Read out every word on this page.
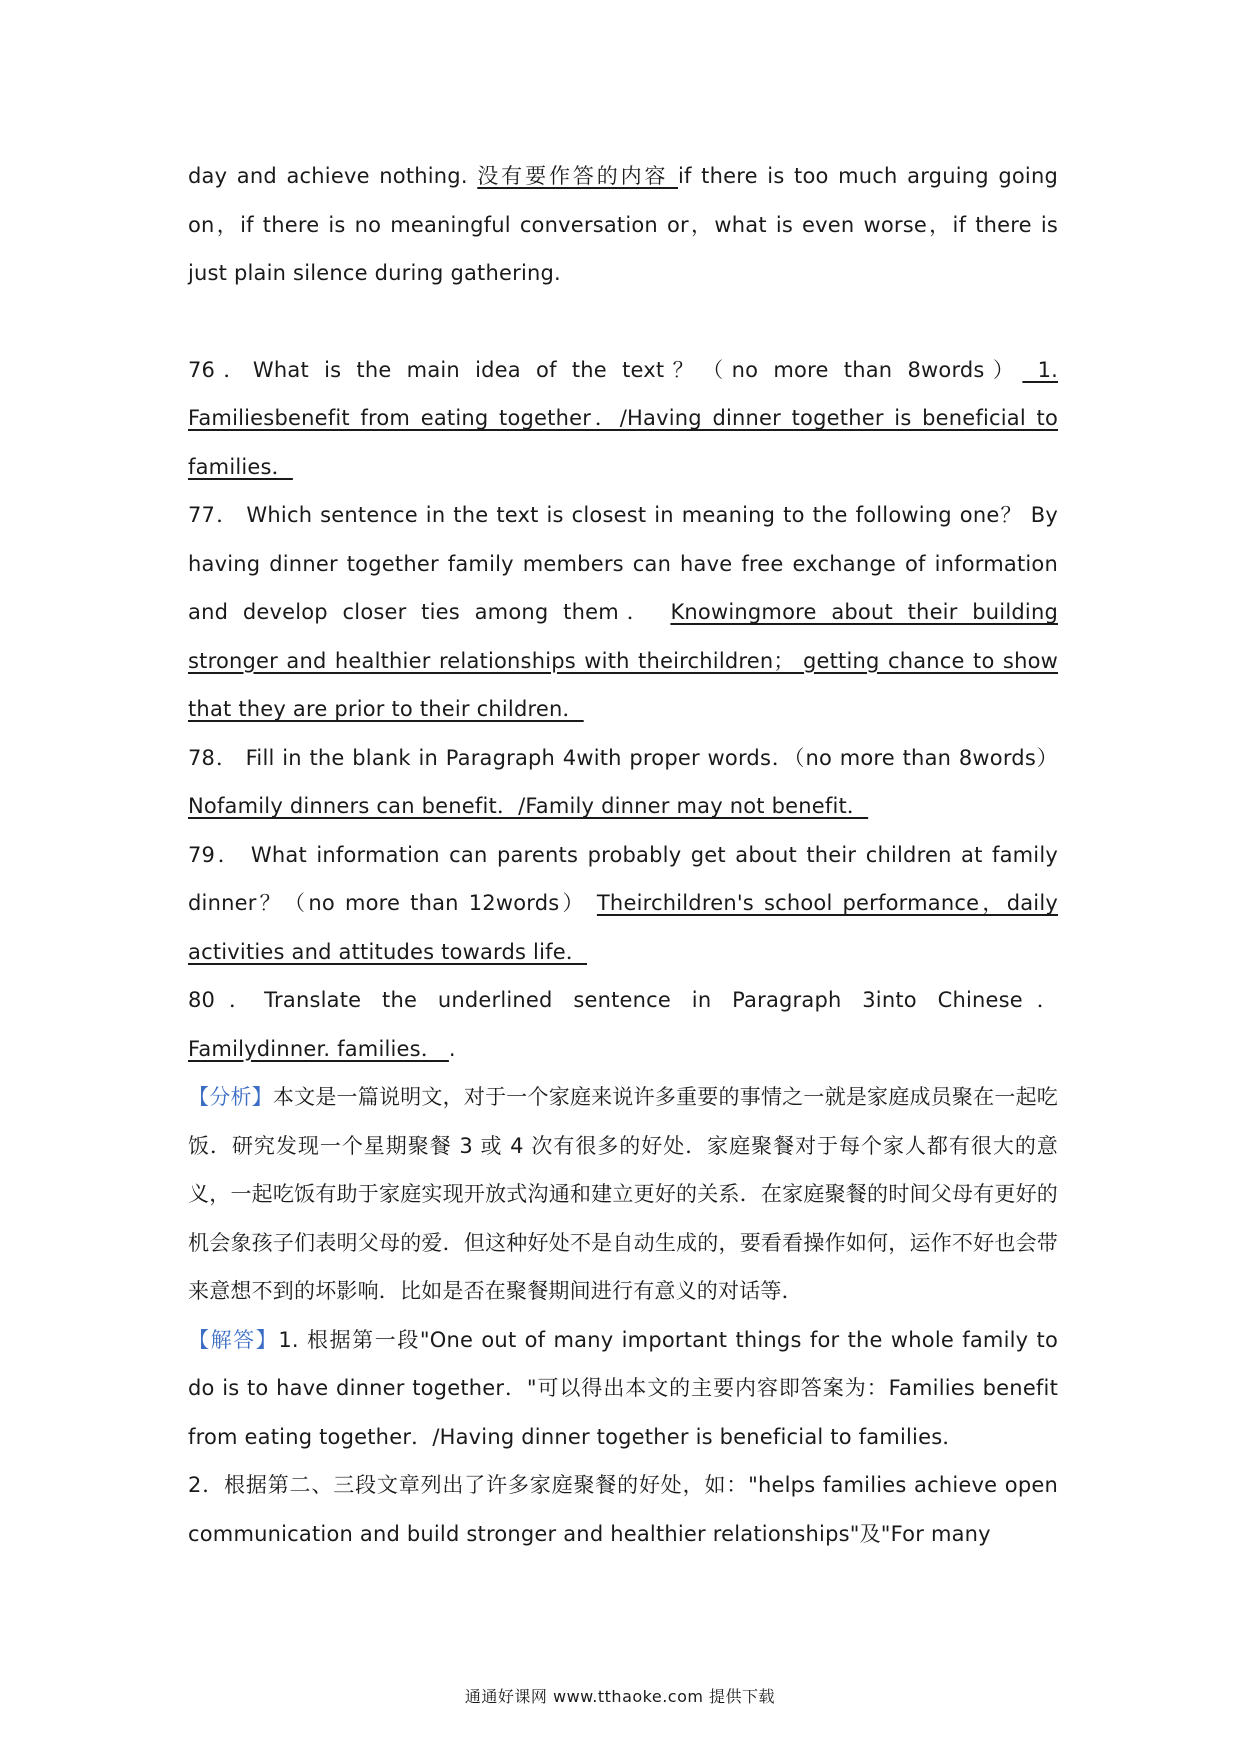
day and achieve nothing. 没有要作答的内容 if there is too much arguing going on，if there is no meaningful conversation or，what is even worse，if there is just plain silence during gathering.

76．What is the main idea of the text？（no more than 8words） 1. Familiesbenefit from eating together．/Having dinner together is beneficial to families．

77． Which sentence in the text is closest in meaning to the following one？ By having dinner together family members can have free exchange of information and develop closer ties among them． Knowingmore about their building stronger and healthier relationships with theirchildren； getting chance to show that they are prior to their children．

78． Fill in the blank in Paragraph 4with proper words．（no more than 8words） Nofamily dinners can benefit．/Family dinner may not benefit．

79． What information can parents probably get about their children at family dinner？（no more than 12words） Theirchildren's school performance，daily activities and attitudes towards life．

80．Translate the underlined sentence in Paragraph 3into Chinese． Familydinner. families． .

【分析】本文是一篇说明文，对于一个家庭来说许多重要的事情之一就是家庭成员聚在一起吃饭．研究发现一个星期聚餐 3 或 4 次有很多的好处．家庭聚餐对于每个家人都有很大的意义，一起吃饭有助于家庭实现开放式沟通和建立更好的关系．在家庭聚餐的时间父母有更好的机会象孩子们表明父母的爱．但这种好处不是自动生成的，要看看操作如何，运作不好也会带来意想不到的坏影响．比如是否在聚餐期间进行有意义的对话等．

【解答】1. 根据第一段"One out of many important things for the whole family to do is to have dinner together．"可以得出本文的主要内容即答案为：Families benefit from eating together．/Having dinner together is beneficial to families．

2．根据第二、三段文章列出了许多家庭聚餐的好处，如："helps families achieve open communication and build stronger and healthier relationships"及"For many

通通好课网 www.tthaoke.com 提供下载
